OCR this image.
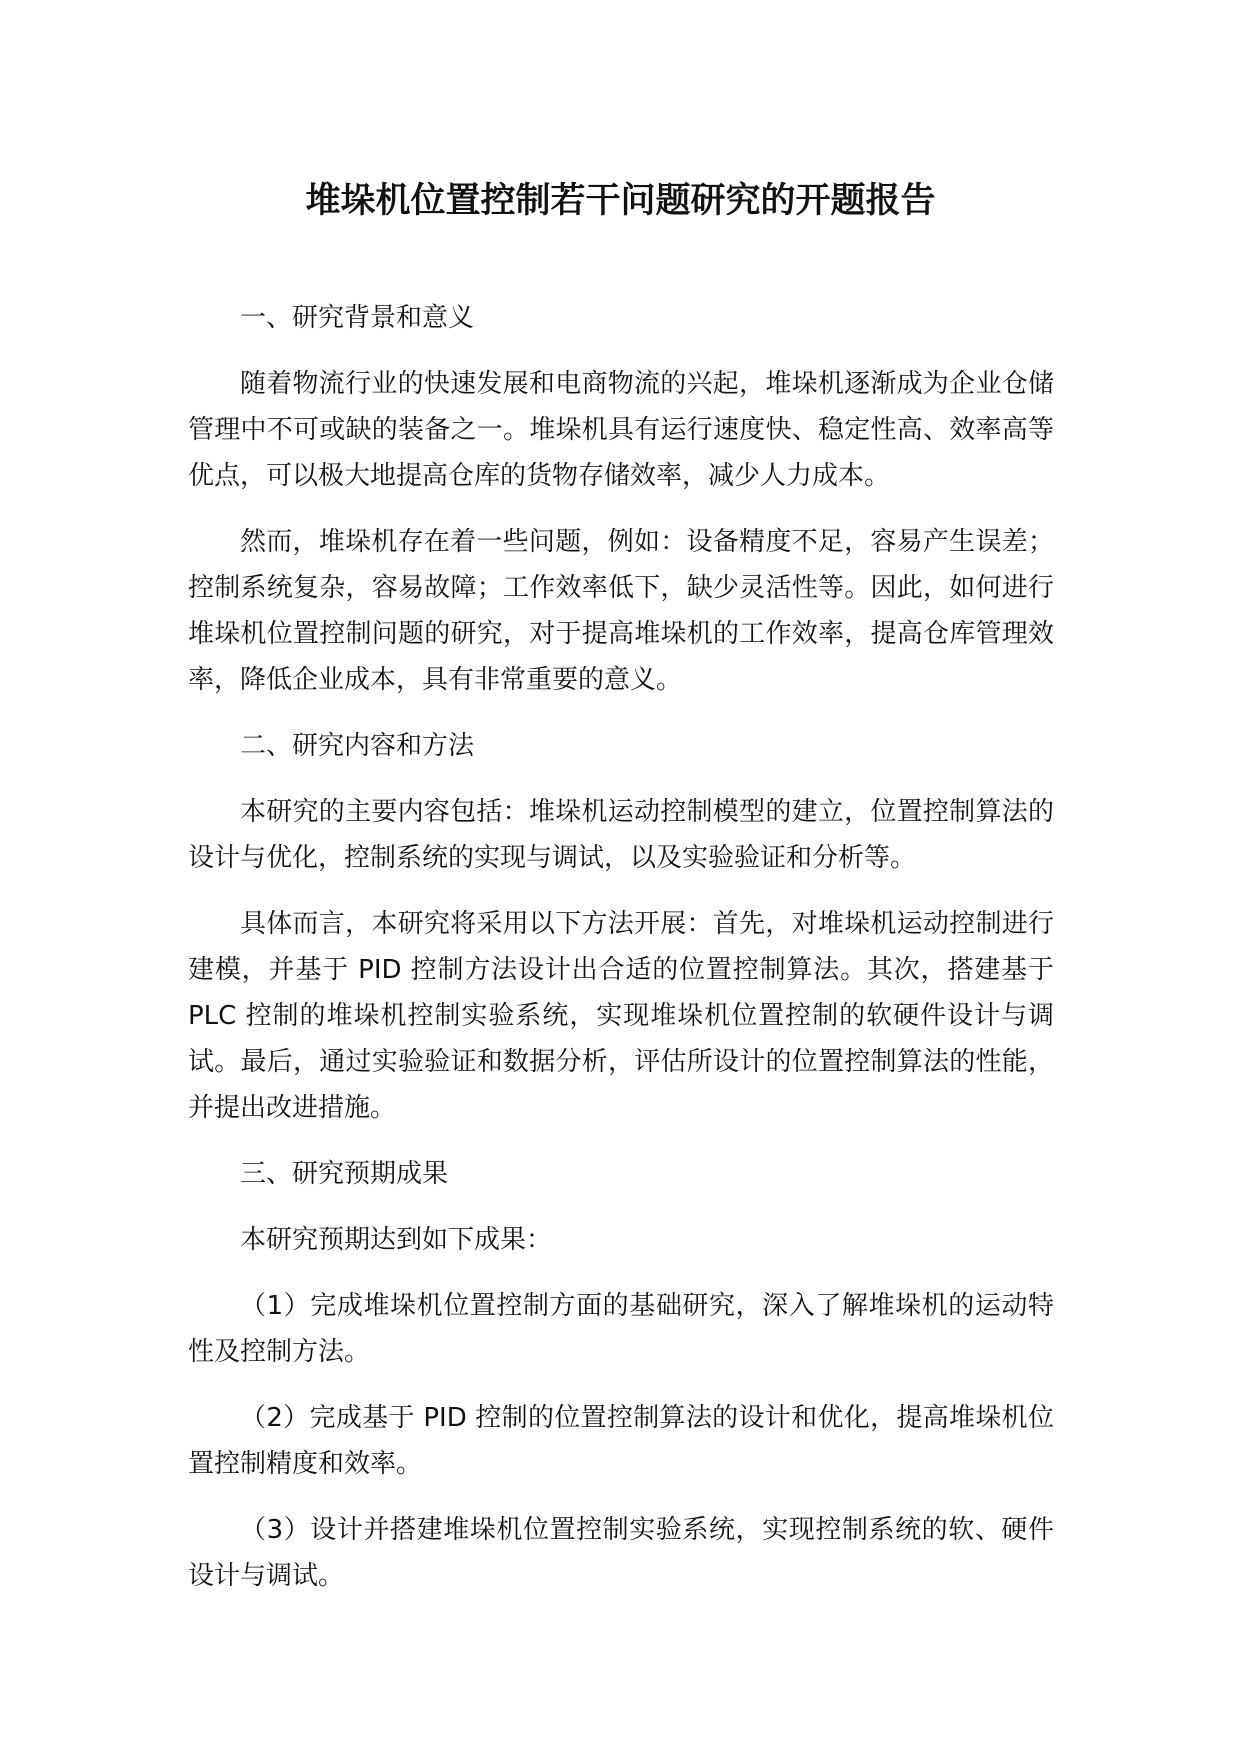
堆垛机位置控制若干问题研究的开题报告

一、研究背景和意义

随着物流行业的快速发展和电商物流的兴起，堆垛机逐渐成为企业仓储管理中不可或缺的装备之一。堆垛机具有运行速度快、稳定性高、效率高等优点，可以极大地提高仓库的货物存储效率，减少人力成本。

然而，堆垛机存在着一些问题，例如：设备精度不足，容易产生误差；控制系统复杂，容易故障；工作效率低下，缺少灵活性等。因此，如何进行堆垛机位置控制问题的研究，对于提高堆垛机的工作效率，提高仓库管理效率，降低企业成本，具有非常重要的意义。

二、研究内容和方法

本研究的主要内容包括：堆垛机运动控制模型的建立，位置控制算法的设计与优化，控制系统的实现与调试，以及实验验证和分析等。

具体而言，本研究将采用以下方法开展：首先，对堆垛机运动控制进行建模，并基于 PID 控制方法设计出合适的位置控制算法。其次，搭建基于 PLC 控制的堆垛机控制实验系统，实现堆垛机位置控制的软硬件设计与调试。最后，通过实验验证和数据分析，评估所设计的位置控制算法的性能，并提出改进措施。

三、研究预期成果

本研究预期达到如下成果：

（1）完成堆垛机位置控制方面的基础研究，深入了解堆垛机的运动特性及控制方法。

（2）完成基于 PID 控制的位置控制算法的设计和优化，提高堆垛机位置控制精度和效率。

（3）设计并搭建堆垛机位置控制实验系统，实现控制系统的软、硬件设计与调试。
